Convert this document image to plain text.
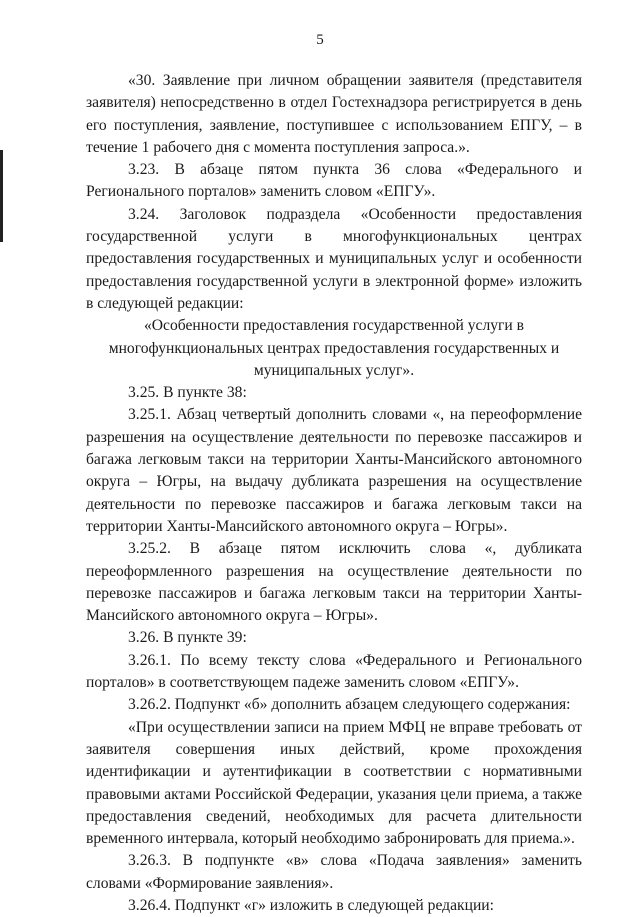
5

«30. Заявление при личном обращении заявителя (представителя заявителя) непосредственно в отдел Гостехнадзора регистрируется в день его поступления, заявление, поступившее с использованием ЕПГУ, – в течение 1 рабочего дня с момента поступления запроса.».

3.23. В абзаце пятом пункта 36 слова «Федерального и Регионального порталов» заменить словом «ЕПГУ».

3.24. Заголовок подраздела «Особенности предоставления государственной услуги в многофункциональных центрах предоставления государственных и муниципальных услуг и особенности предоставления государственной услуги в электронной форме» изложить в следующей редакции:

«Особенности предоставления государственной услуги в многофункциональных центрах предоставления государственных и муниципальных услуг».

3.25. В пункте 38:

3.25.1. Абзац четвертый дополнить словами «, на переоформление разрешения на осуществление деятельности по перевозке пассажиров и багажа легковым такси на территории Ханты-Мансийского автономного округа – Югры, на выдачу дубликата разрешения на осуществление деятельности по перевозке пассажиров и багажа легковым такси на территории Ханты-Мансийского автономного округа – Югры».

3.25.2. В абзаце пятом исключить слова «, дубликата переоформленного разрешения на осуществление деятельности по перевозке пассажиров и багажа легковым такси на территории Ханты-Мансийского автономного округа – Югры».

3.26. В пункте 39:

3.26.1. По всему тексту слова «Федерального и Регионального порталов» в соответствующем падеже заменить словом «ЕПГУ».

3.26.2. Подпункт «б» дополнить абзацем следующего содержания:

«При осуществлении записи на прием МФЦ не вправе требовать от заявителя совершения иных действий, кроме прохождения идентификации и аутентификации в соответствии с нормативными правовыми актами Российской Федерации, указания цели приема, а также предоставления сведений, необходимых для расчета длительности временного интервала, который необходимо забронировать для приема.».

3.26.3. В подпункте «в» слова «Подача заявления» заменить словами «Формирование заявления».

3.26.4. Подпункт «г» изложить в следующей редакции:
